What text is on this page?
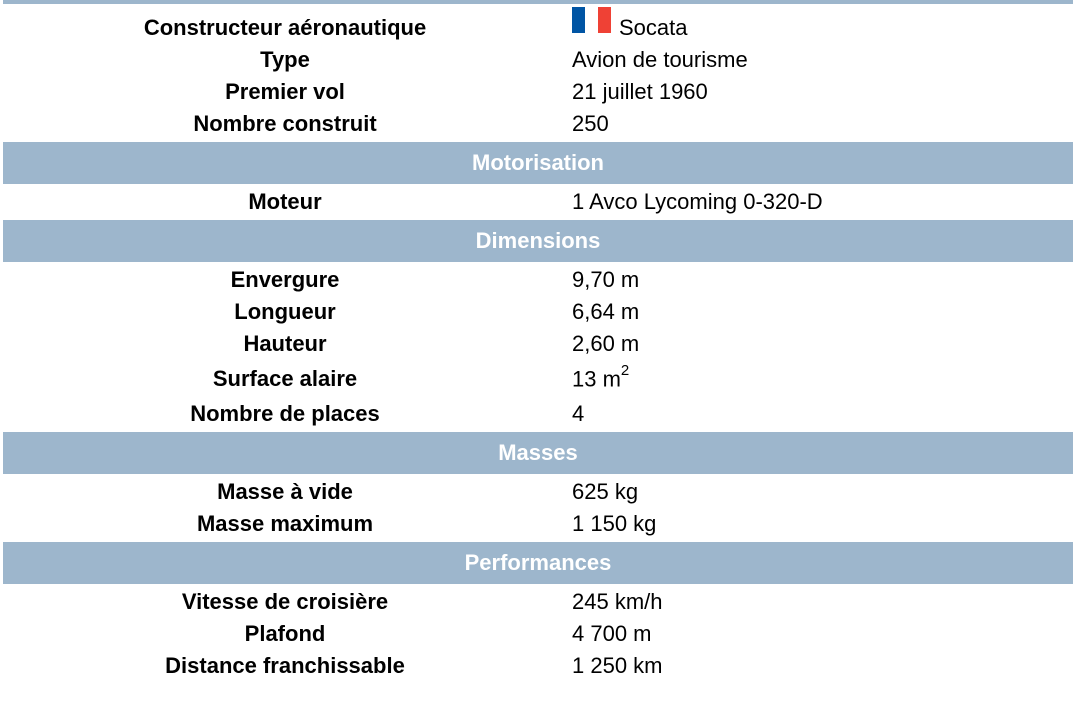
Constructeur aéronautique	Socata
Type	Avion de tourisme
Premier vol	21 juillet 1960
Nombre construit	250
Motorisation
Moteur	1 Avco Lycoming 0-320-D
Dimensions
Envergure	9,70 m
Longueur	6,64 m
Hauteur	2,60 m
Surface alaire	13 $m^2$
Nombre de places	4
Masses
Masse à vide	625 kg
Masse maximum	1 150 kg
Performances
Vitesse de croisière	245 km/h
Plafond	4 700 m
Distance franchissable	1 250 km
